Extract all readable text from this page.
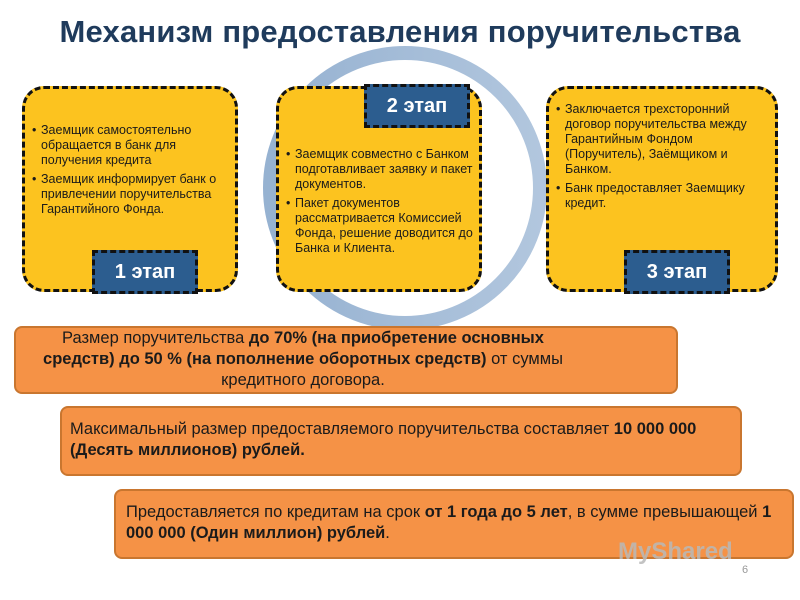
Механизм предоставления поручительства
• Заемщик самостоятельно обращается в банк для получения кредита
• Заемщик информирует банк о привлечении поручительства Гарантийного Фонда.
1 этап
• Заемщик совместно с Банком подготавливает заявку и пакет документов.
• Пакет документов рассматривается Комиссией Фонда, решение доводится до Банка и Клиента.
2 этап
•	Заключается трехсторонний договор поручительства между Гарантийным Фондом (Поручитель), Заёмщиком и Банком.
• Банк предоставляет Заемщику кредит.
3 этап
Размер поручительства до 70% (на приобретение основных средств) до 50 % (на пополнение оборотных средств) от суммы кредитного договора.
Максимальный размер предоставляемого поручительства составляет 10 000 000 (Десять миллионов) рублей.
Предоставляется по кредитам на срок от 1 года до 5 лет, в сумме превышающей 1 000 000 (Один миллион) рублей.
MyShared
6
